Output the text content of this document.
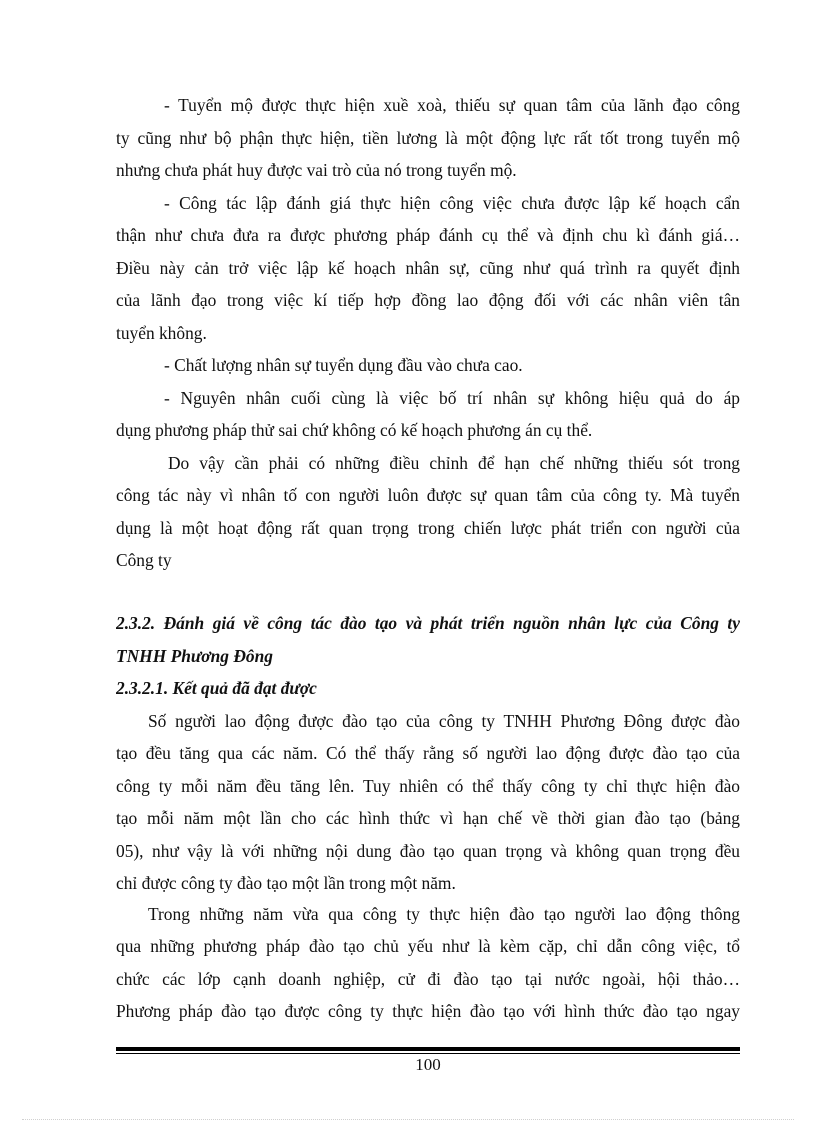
- Tuyển mộ được thực hiện xuề xoà, thiếu sự quan tâm của lãnh đạo công
ty cũng như bộ phận thực hiện, tiền lương là một động lực rất tốt trong tuyển mộ
nhưng chưa phát huy được vai trò của nó trong tuyển mộ.
- Công tác lập đánh giá thực hiện công việc chưa được lập kế hoạch cẩn
thận như chưa đưa ra được phương pháp đánh cụ thể và định chu kì đánh giá…
Điều này cản trở việc lập kế hoạch nhân sự, cũng như quá trình ra quyết định
của lãnh đạo trong việc kí tiếp hợp đồng lao động đối với các nhân viên tân
tuyển không.
- Chất lượng nhân sự tuyển dụng đầu vào chưa cao.
- Nguyên nhân cuối cùng là việc bố trí nhân sự không hiệu quả do áp
dụng phương pháp thử sai chứ không có kế hoạch phương án cụ thể.
Do vậy cần phải có những điều chỉnh để hạn chế những thiếu sót trong
công tác này vì nhân tố con người luôn được sự quan tâm của công ty. Mà tuyển
dụng là một hoạt động rất quan trọng trong chiến lược phát triển con người của
Công ty
2.3.2. Đánh giá về công tác đào tạo và phát triển nguồn nhân lực của Công ty
TNHH Phương Đông
2.3.2.1. Kết quả đã đạt được
Số người lao động được đào tạo của công ty TNHH Phương Đông được đào
tạo đều tăng qua các năm. Có thể thấy rằng số người lao động được đào tạo của
công ty mỗi năm đều tăng lên. Tuy nhiên có thể thấy công ty chỉ thực hiện đào
tạo mỗi năm một lần cho các hình thức vì hạn chế về thời gian đào tạo (bảng
05), như vậy là với những nội dung đào tạo quan trọng và không quan trọng đều
chỉ được công ty đào tạo một lần trong một năm.
Trong những năm vừa qua công ty thực hiện đào tạo người lao động thông
qua những phương pháp đào tạo chủ yếu như là kèm cặp, chỉ dẫn công việc, tổ
chức các lớp cạnh doanh nghiệp, cử đi đào tạo tại nước ngoài, hội thảo…
Phương pháp đào tạo được công ty thực hiện đào tạo với hình thức đào tạo ngay
100
